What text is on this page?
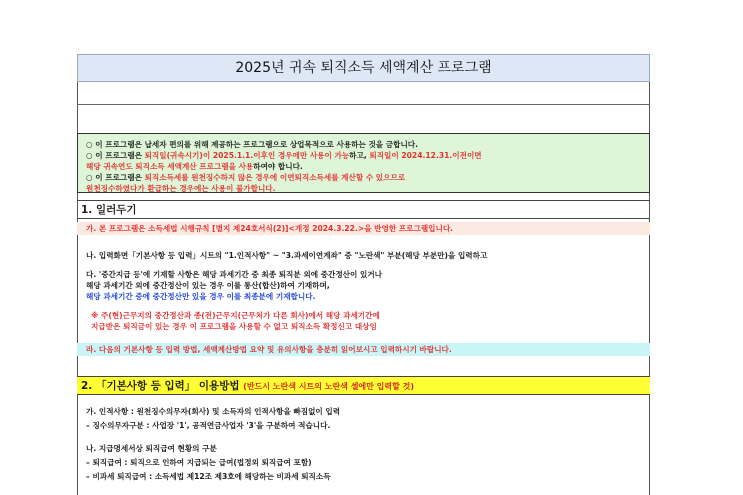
2025년 귀속 퇴직소득 세액계산 프로그램
○ 이 프로그램은 납세자 편의를 위해 제공하는 프로그램으로 상업목적으로 사용하는 것을 금합니다.
○ 이 프로그램은 퇴직일(귀속시기)이 2025.1.1.이후인 경우에만 사용이 가능하고, 퇴직일이 2024.12.31.이전이면
해당 귀속연도 퇴직소득 세액계산 프로그램을 사용하여야 합니다.
○ 이 프로그램은 퇴직소득세를 원천징수하지 않은 경우에 이연퇴직소득세를 계산할 수 있으므로
원천징수하였다가 환급하는 경우에는 사용이 불가합니다.
1. 일러두기
가. 본 프로그램은 소득세법 시행규칙 [별지 제24호서식(2)]<개정 2024.3.22.>을 반영한 프로그램입니다.
나. 입력화면「기본사항 등 입력」시트의 "1.인적사항" ~ "3.과세이연계좌" 중 "노란색" 부분(해당 부분만)을 입력하고
다. '중간지급 등'에 기재할 사항은 해당 과세기간 중 최종 퇴직분 외에 중간정산이 있거나
해당 과세기간 외에 중간정산이 있는 경우 이를 통산(합산)하여 기재하며,
해당 과세기간 중에 중간정산만 있을 경우 이를 최종분에 기재합니다.
※ 주(현)근무지의 중간정산과 종(전)근무지(근무처가 다른 회사)에서 해당 과세기간에
지급받은 퇴직금이 있는 경우 이 프로그램을 사용할 수 없고 퇴직소득 확정신고 대상임
라. 다음의 기본사항 등 입력 방법, 세액계산방법 요약 및 유의사항을 충분히 읽어보시고 입력하시기 바랍니다.
2. 「기본사항 등 입력」 이용방법 (반드시 노란색 시트의 노란색 셀에만 입력할 것)
가. 인적사항 : 원천징수의무자(회사) 및 소득자의 인적사항을 빠짐없이 입력
– 징수의무자구분 : 사업장 '1', 공적연금사업자 '3'을 구분하여 적습니다.
나. 지급명세서상 퇴직급여 현황의 구분
– 퇴직급여 : 퇴직으로 인하여 지급되는 급여(법정외 퇴직급여 포함)
– 비과세 퇴직급여 : 소득세법 제12조 제3호에 해당하는 비과세 퇴직소득
